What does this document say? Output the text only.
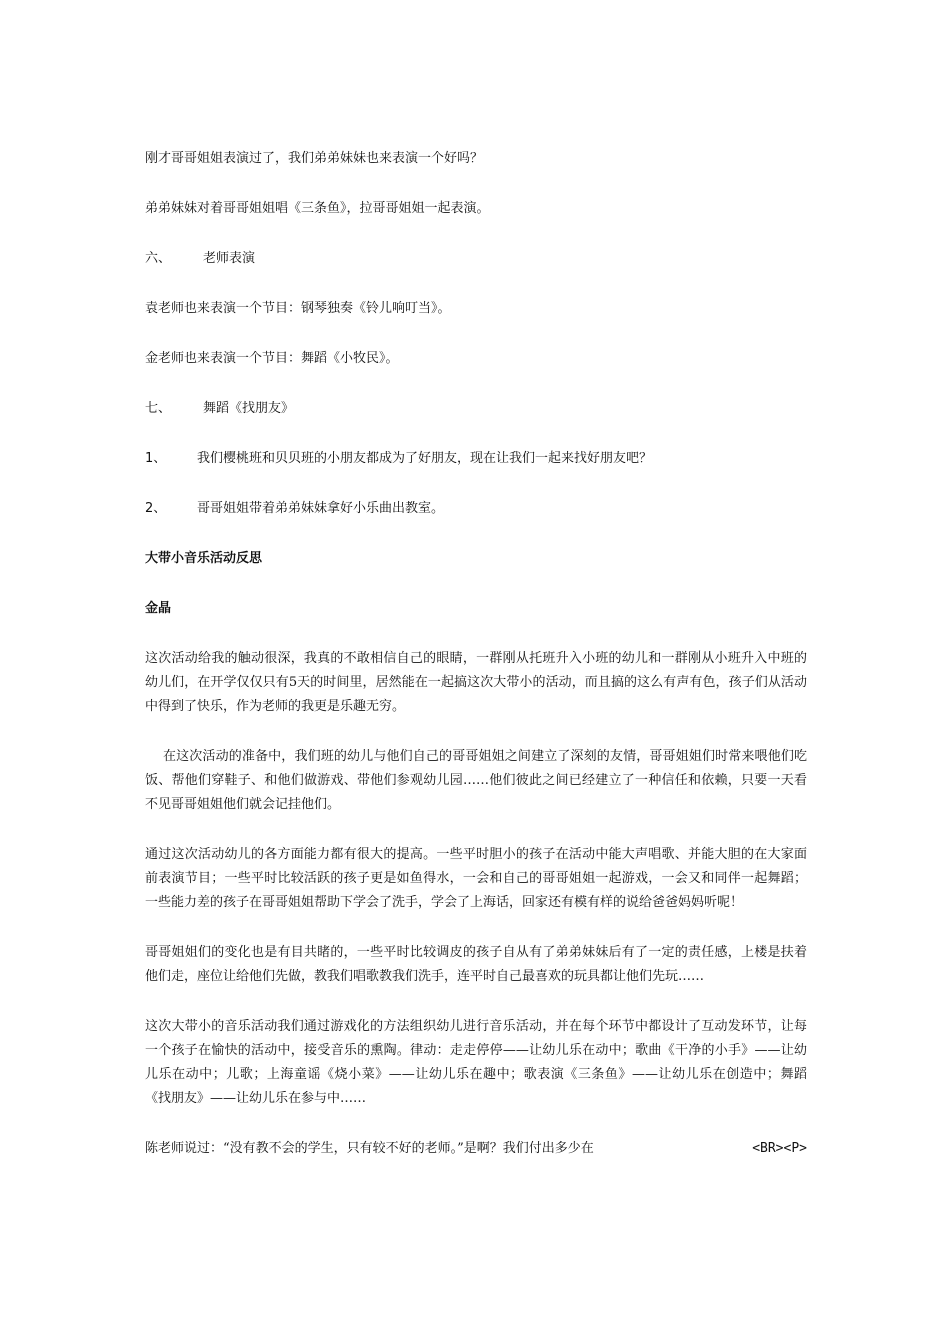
刚才哥哥姐姐表演过了，我们弟弟妹妹也来表演一个好吗？

弟弟妹妹对着哥哥姐姐唱《三条鱼》，拉哥哥姐姐一起表演。

六、 老师表演

袁老师也来表演一个节目：钢琴独奏《铃儿响叮当》。

金老师也来表演一个节目：舞蹈《小牧民》。

七、 舞蹈《找朋友》

1、 我们樱桃班和贝贝班的小朋友都成为了好朋友，现在让我们一起来找好朋友吧？

2、 哥哥姐姐带着弟弟妹妹拿好小乐曲出教室。

大带小音乐活动反思

金晶

这次活动给我的触动很深，我真的不敢相信自己的眼睛，一群刚从托班升入小班的幼儿和一群刚从小班升入中班的幼儿们，在开学仅仅只有5天的时间里，居然能在一起搞这次大带小的活动，而且搞的这么有声有色，孩子们从活动中得到了快乐，作为老师的我更是乐趣无穷。

在这次活动的准备中，我们班的幼儿与他们自己的哥哥姐姐之间建立了深刻的友情，哥哥姐姐们时常来喂他们吃饭、帮他们穿鞋子、和他们做游戏、带他们参观幼儿园……他们彼此之间已经建立了一种信任和依赖，只要一天看不见哥哥姐姐他们就会记挂他们。

通过这次活动幼儿的各方面能力都有很大的提高。一些平时胆小的孩子在活动中能大声唱歌、并能大胆的在大家面前表演节目；一些平时比较活跃的孩子更是如鱼得水，一会和自己的哥哥姐姐一起游戏，一会又和同伴一起舞蹈；一些能力差的孩子在哥哥姐姐帮助下学会了洗手，学会了上海话，回家还有模有样的说给爸爸妈妈听呢！

哥哥姐姐们的变化也是有目共睹的，一些平时比较调皮的孩子自从有了弟弟妹妹后有了一定的责任感，上楼是扶着他们走，座位让给他们先做，教我们唱歌教我们洗手，连平时自己最喜欢的玩具都让他们先玩……

这次大带小的音乐活动我们通过游戏化的方法组织幼儿进行音乐活动，并在每个环节中都设计了互动发环节，让每一个孩子在愉快的活动中，接受音乐的熏陶。律动：走走停停——让幼儿乐在动中；歌曲《干净的小手》——让幼儿乐在动中；儿歌；上海童谣《烧小菜》——让幼儿乐在趣中；歌表演《三条鱼》——让幼儿乐在创造中；舞蹈《找朋友》——让幼儿乐在参与中……

陈老师说过：“没有教不会的学生，只有较不好的老师。”是啊？我们付出多少在	<BR><P>
